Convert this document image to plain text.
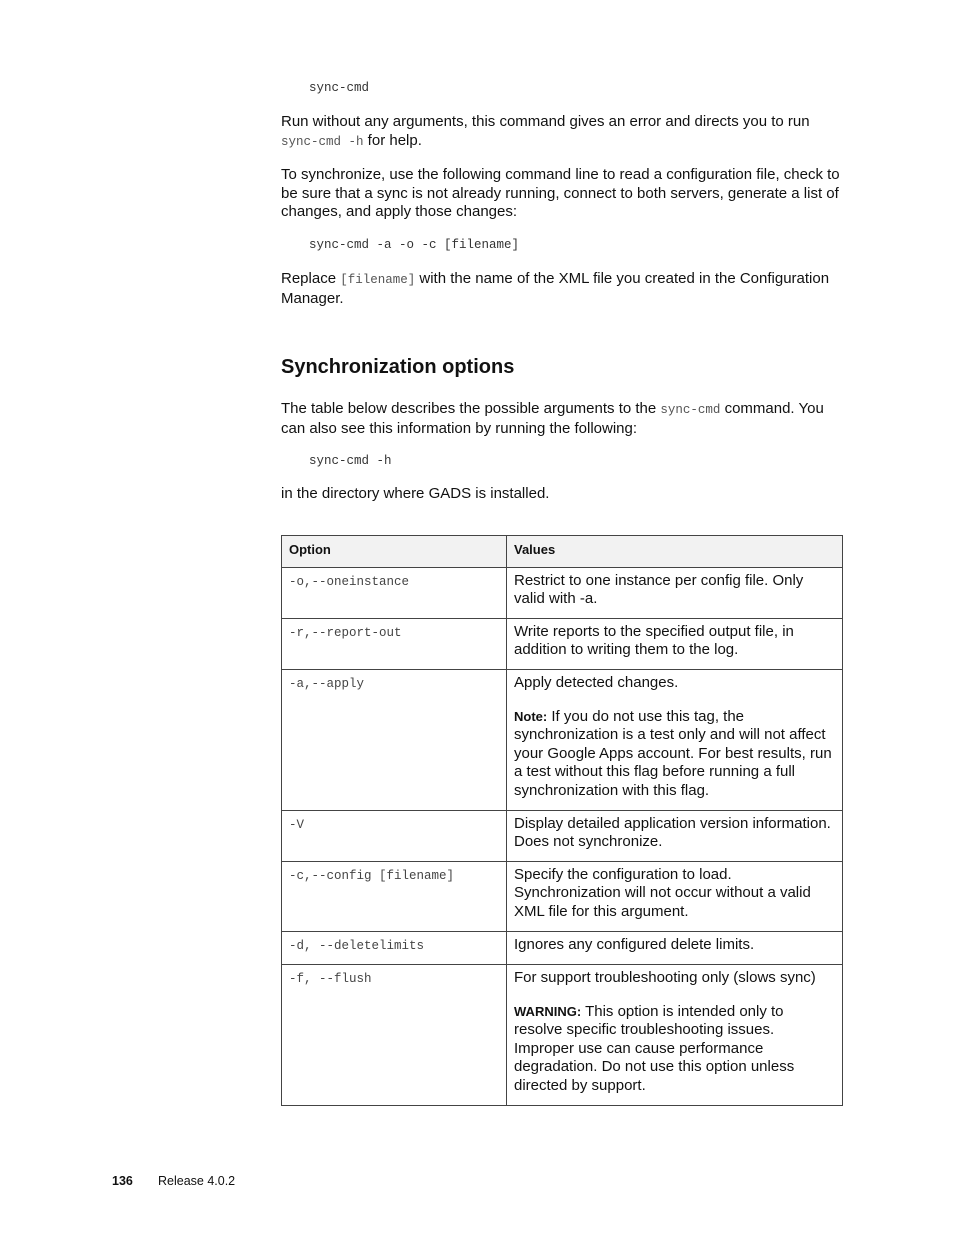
sync-cmd
Run without any arguments, this command gives an error and directs you to run sync-cmd -h for help.
To synchronize, use the following command line to read a configuration file, check to be sure that a sync is not already running, connect to both servers, generate a list of changes, and apply those changes:
sync-cmd -a -o -c [filename]
Replace [filename] with the name of the XML file you created in the Configuration Manager.
Synchronization options
The table below describes the possible arguments to the sync-cmd command. You can also see this information by running the following:
sync-cmd -h
in the directory where GADS is installed.
Option	Values
-o,--oneinstance	Restrict to one instance per config file. Only valid with -a.

-r,--report-out	Write reports to the specified output file, in addition to writing them to the log.

-a,--apply	Apply detected changes.

Note: If you do not use this tag, the synchronization is a test only and will not affect your Google Apps account. For best results, run a test without this flag before running a full synchronization with this flag.

-V	Display detailed application version information. Does not synchronize.

-c,--config [filename]	Specify the configuration to load. Synchronization will not occur without a valid XML file for this argument.

-d, --deletelimits	Ignores any configured delete limits.

-f, --flush	For support troubleshooting only (slows sync)

WARNING: This option is intended only to resolve specific troubleshooting issues. Improper use can cause performance degradation. Do not use this option unless directed by support.

136 Release 4.0.2
